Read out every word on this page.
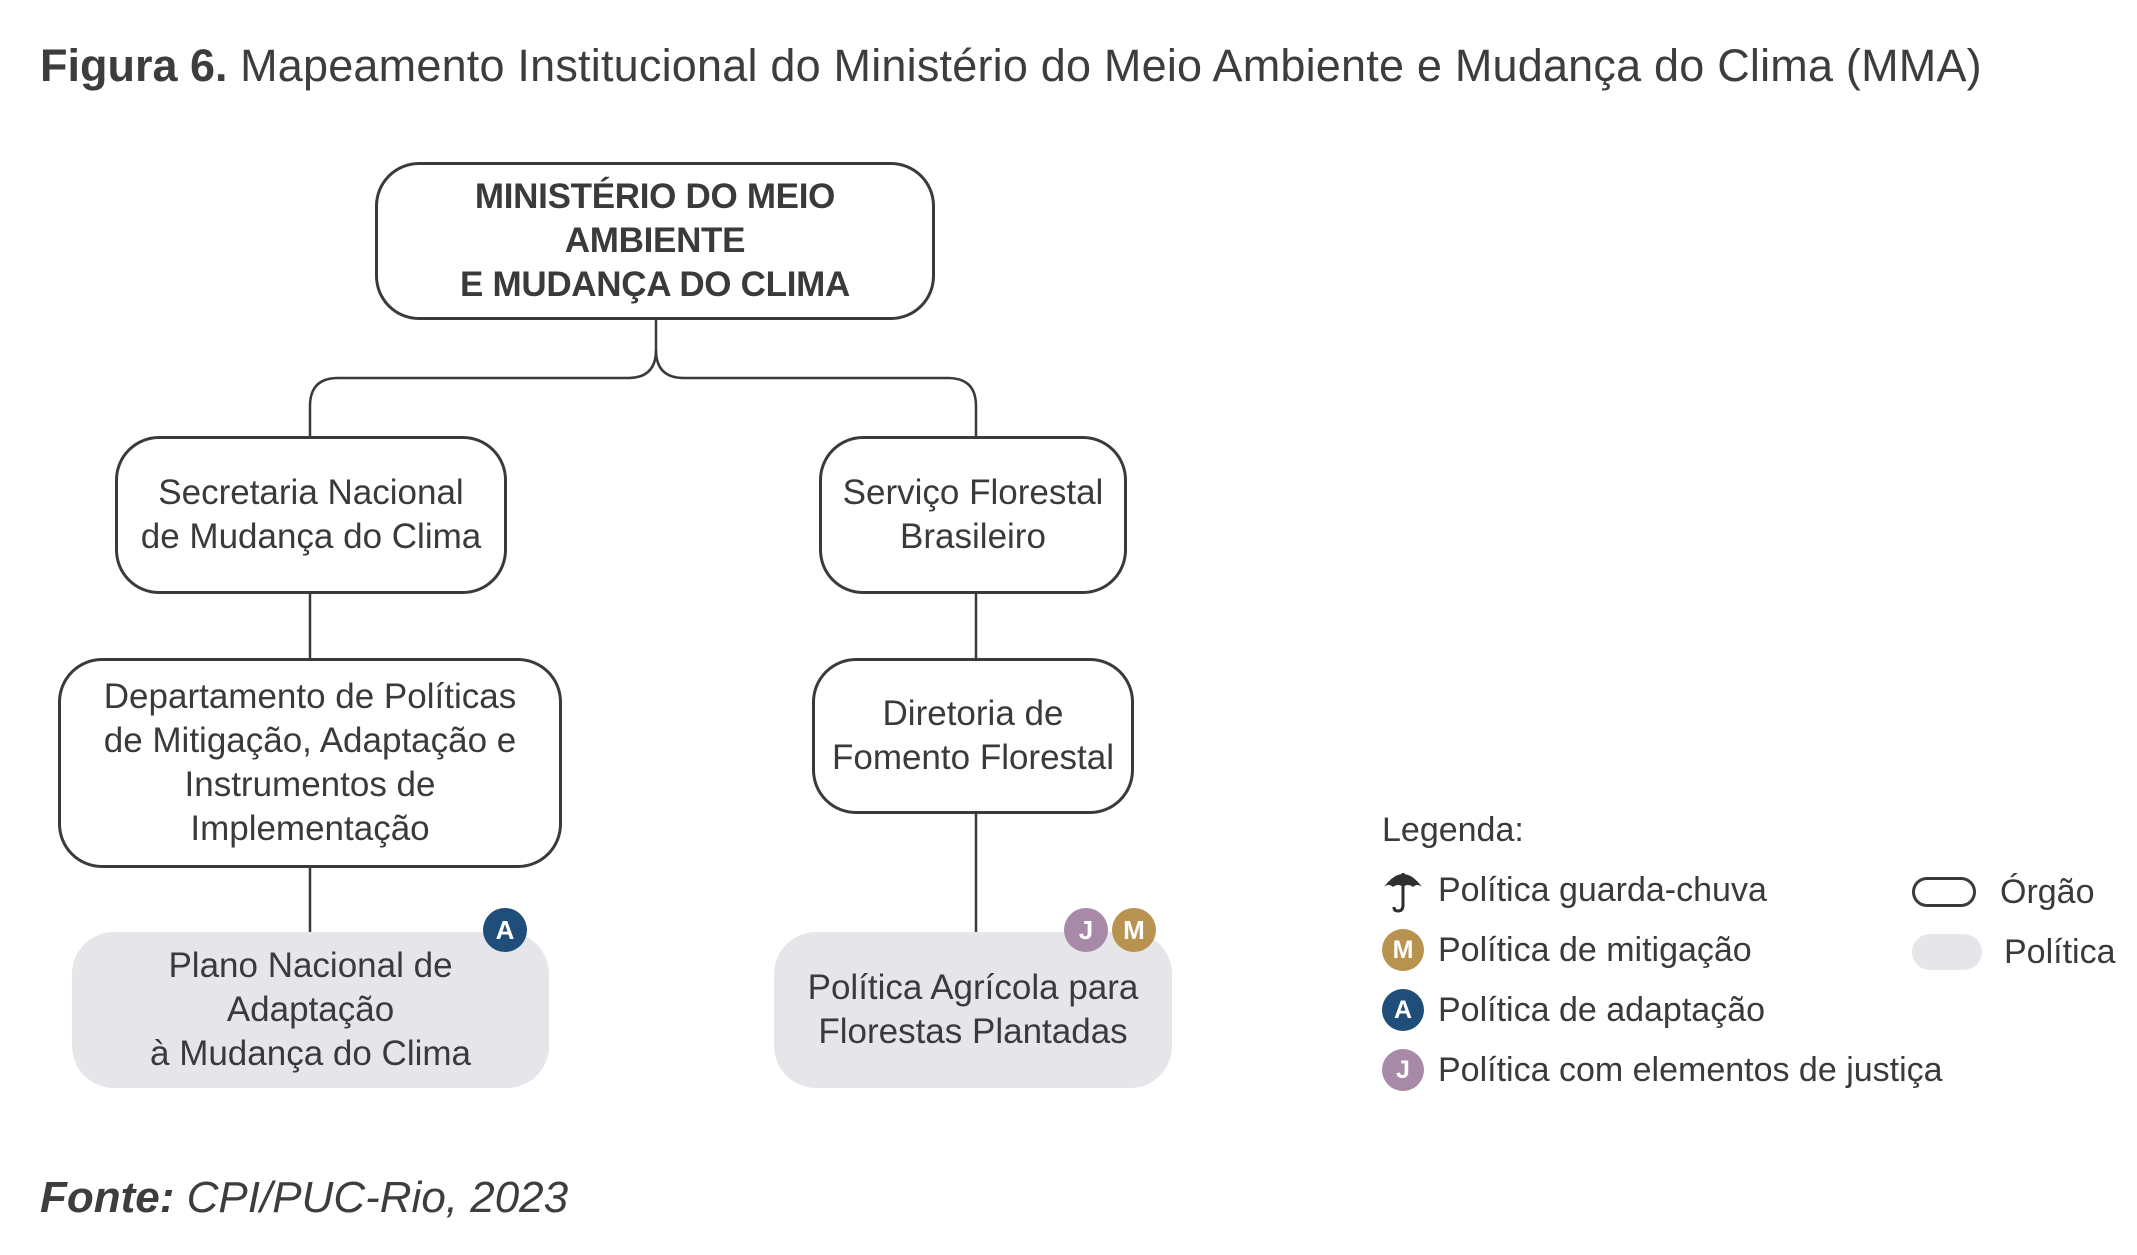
Figura 6. Mapeamento Institucional do Ministério do Meio Ambiente e Mudança do Clima (MMA)
MINISTÉRIO DO MEIO AMBIENTE
E MUDANÇA DO CLIMA
Secretaria Nacional
de Mudança do Clima
Serviço Florestal
Brasileiro
Departamento de Políticas
de Mitigação, Adaptação e
Instrumentos de Implementação
Diretoria de
Fomento Florestal
Plano Nacional de Adaptação
à Mudança do Clima
A
Política Agrícola para
Florestas Plantadas
J	M
Legenda:
Política guarda-chuva
M Política de mitigação
A Política de adaptação
J Política com elementos de justiça
Órgão
Política
Fonte: CPI/PUC-Rio, 2023
